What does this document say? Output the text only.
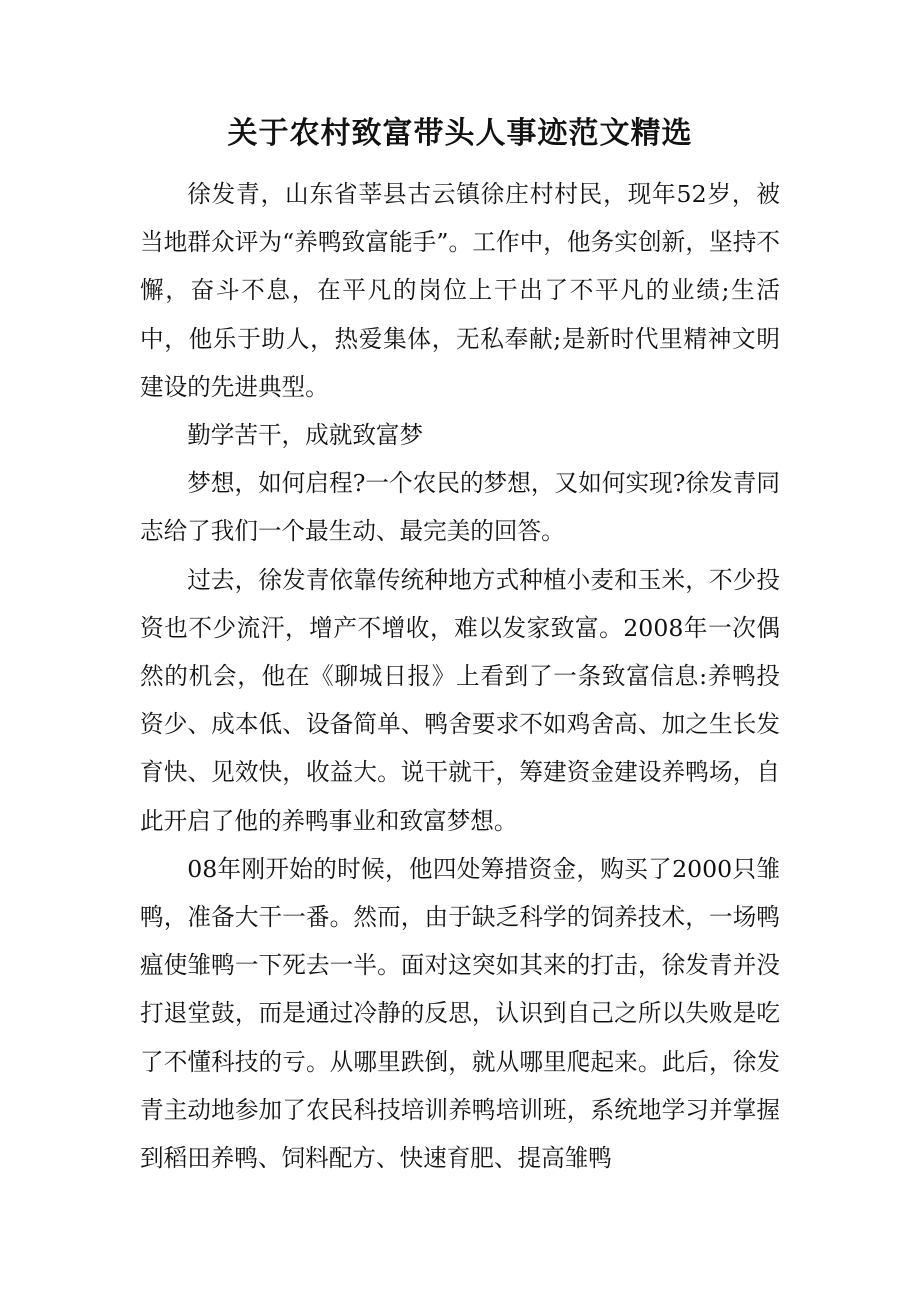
关于农村致富带头人事迹范文精选

徐发青，山东省莘县古云镇徐庄村村民，现年52岁，被当地群众评为“养鸭致富能手”。工作中，他务实创新，坚持不懈，奋斗不息，在平凡的岗位上干出了不平凡的业绩;生活中，他乐于助人，热爱集体，无私奉献;是新时代里精神文明建设的先进典型。

勤学苦干，成就致富梦

梦想，如何启程?一个农民的梦想，又如何实现?徐发青同志给了我们一个最生动、最完美的回答。

过去，徐发青依靠传统种地方式种植小麦和玉米，不少投资也不少流汗，增产不增收，难以发家致富。2008年一次偶然的机会，他在《聊城日报》上看到了一条致富信息:养鸭投资少、成本低、设备简单、鸭舍要求不如鸡舍高、加之生长发育快、见效快，收益大。说干就干，筹建资金建设养鸭场，自此开启了他的养鸭事业和致富梦想。

08年刚开始的时候，他四处筹措资金，购买了2000只雏鸭，准备大干一番。然而，由于缺乏科学的饲养技术，一场鸭瘟使雏鸭一下死去一半。面对这突如其来的打击，徐发青并没打退堂鼓，而是通过冷静的反思，认识到自己之所以失败是吃了不懂科技的亏。从哪里跌倒，就从哪里爬起来。此后，徐发青主动地参加了农民科技培训养鸭培训班，系统地学习并掌握到稻田养鸭、饲料配方、快速育肥、提高雏鸭
